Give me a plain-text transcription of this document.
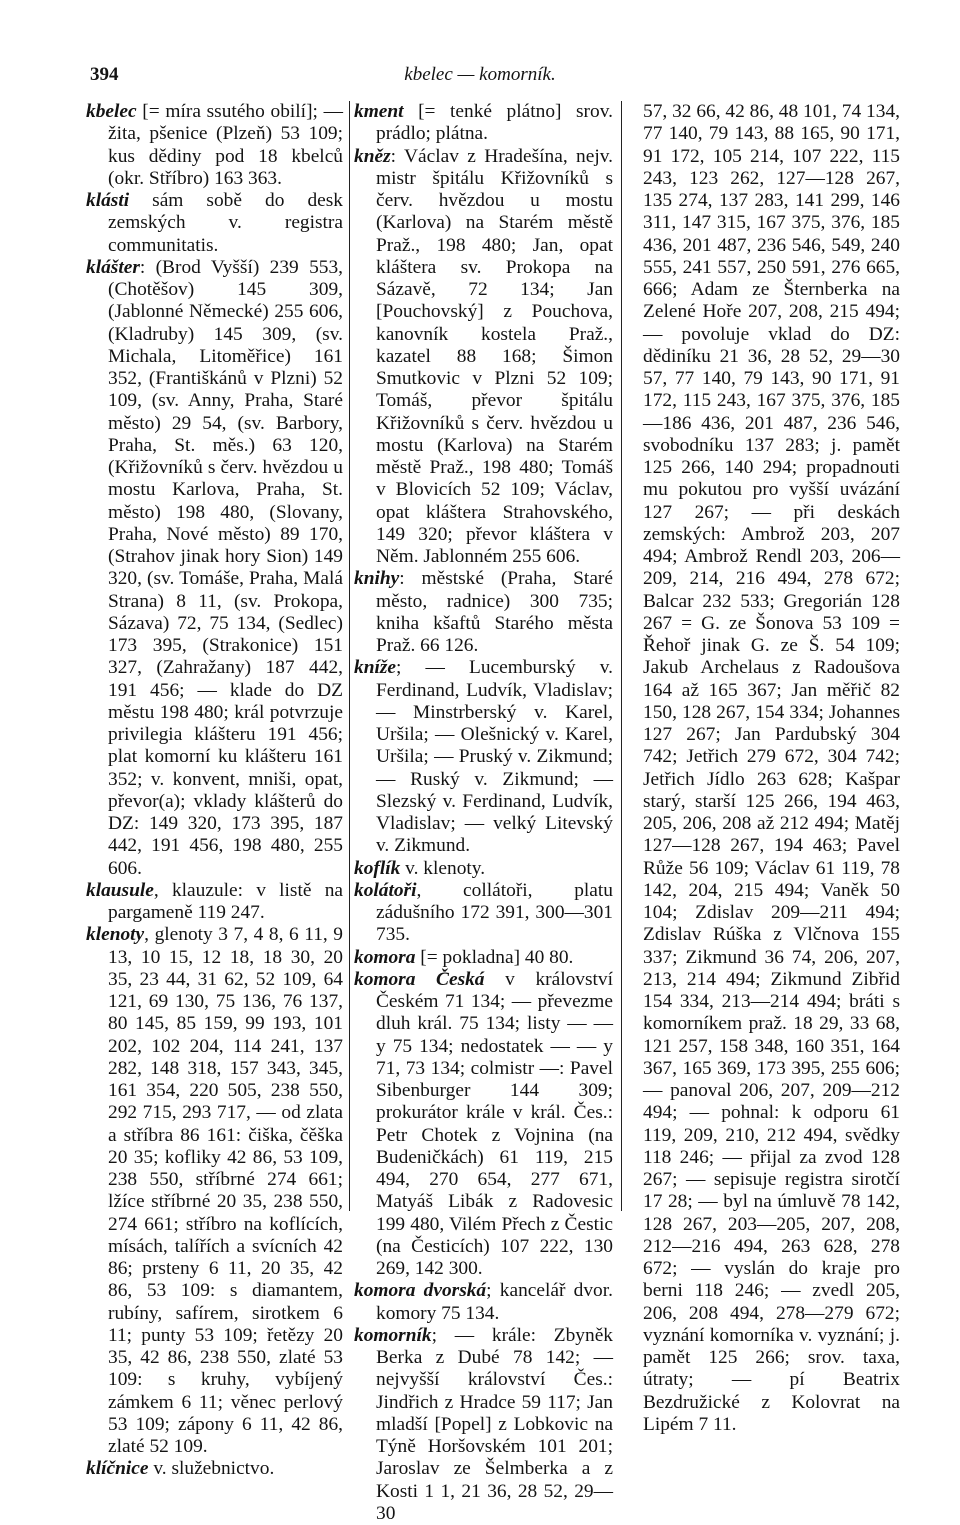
394	kbelec — komorník.

kbelec [= míra ssutého obilí]; — žita, pšenice (Plzeň) 53 109; kus dědiny pod 18 kbelců (okr. Stříbro) 163 363.

klásti sám sobě do desk zemských v. registra communitatis.

klášter: (Brod Vyšší) 239 553, (Chotěšov) 145 309, (Jablonné Německé) 255 606, (Kladruby) 145 309, (sv. Michala, Litoměřice) 161 352, (Františkánů v Plzni) 52 109, (sv. Anny, Praha, Staré město) 29 54, (sv. Barbory, Praha, St. měs.) 63 120, (Křižovníků s červ. hvězdou u mostu Karlova, Praha, St. město) 198 480, (Slovany, Praha, Nové město) 89 170, (Strahov jinak hory Sion) 149 320, (sv. Tomáše, Praha, Malá Strana) 8 11, (sv. Prokopa, Sázava) 72, 75 134, (Sedlec) 173 395, (Strakonice) 151 327, (Zahražany) 187 442, 191 456; — klade do DZ městu 198 480; král potvrzuje privilegia klášteru 191 456; plat komorní ku klášteru 161 352; v. konvent, mniši, opat, převor(a); vklady klášterů do DZ: 149 320, 173 395, 187 442, 191 456, 198 480, 255 606.

klausule, klauzule: v listě na pargameně 119 247.

klenoty, glenoty 3 7, 4 8, 6 11, 9 13, 10 15, 12 18, 18 30, 20 35, 23 44, 31 62, 52 109, 64 121, 69 130, 75 136, 76 137, 80 145, 85 159, 99 193, 101 202, 102 204, 114 241, 137 282, 148 318, 157 343, 345, 161 354, 220 505, 238 550, 292 715, 293 717, — od zlata a stříbra 86 161: čiška, čěška 20 35; kofliky 42 86, 53 109, 238 550, stříbrné 274 661; lžíce stříbrné 20 35, 238 550, 274 661; stříbro na koflících, mísách, talířích a svícních 42 86; prsteny 6 11, 20 35, 42 86, 53 109: s diamantem, rubíny, safírem, sirotkem 6 11; punty 53 109; řetězy 20 35, 42 86, 238 550, zlaté 53 109: s kruhy, vybíjený zámkem 6 11; věnec perlový 53 109; zápony 6 11, 42 86, zlaté 52 109.

klíčnice v. služebnictvo.

kment [= tenké plátno] srov. prádlo; plátna.

kněz: Václav z Hradešína, nejv. mistr špitálu Křižovníků s červ. hvězdou u mostu (Karlova) na Starém městě Praž., 198 480; Jan, opat kláštera sv. Prokopa na Sázavě, 72 134; Jan [Pouchovský] z Pouchova, kanovník kostela Praž., kazatel 88 168; Šimon Smutkovic v Plzni 52 109; Tomáš, převor špitálu Křižovníků s červ. hvězdou u mostu (Karlova) na Starém městě Praž., 198 480; Tomáš v Blovicích 52 109; Václav, opat kláštera Strahovského, 149 320; převor kláštera v Něm. Jablonném 255 606.

knihy: městské (Praha, Staré město, radnice) 300 735; kniha kšaftů Starého města Praž. 66 126.

kníže; — Lucemburský v. Ferdinand, Ludvík, Vladislav; — Minstrberský v. Karel, Uršila; — Olešnický v. Karel, Uršila; — Pruský v. Zikmund; — Ruský v. Zikmund; — Slezský v. Ferdinand, Ludvík, Vladislav; — velký Litevský v. Zikmund.

koflík v. klenoty.

kolátoři, collátoři, platu zádušního 172 391, 300—301 735.

komora [= pokladna] 40 80.

komora Česká v království Českém 71 134; — převezme dluh král. 75 134; listy — — y 75 134; nedostatek — — y 71, 73 134; colmistr —: Pavel Sibenburger 144 309; prokurátor krále v král. Čes.: Petr Chotek z Vojnina (na Budeničkách) 61 119, 215 494, 270 654, 277 671, Matyáš Libák z Radovesic 199 480, Vilém Přech z Čestic (na Česticích) 107 222, 130 269, 142 300.

komora dvorská; kancelář dvor. komory 75 134.

komorník; — krále: Zbyněk Berka z Dubé 78 142; — nejvyšší království Čes.: Jindřich z Hradce 59 117; Jan mladší [Popel] z Lobkovic na Týně Horšovském 101 201; Jaroslav ze Šelmberka a z Kosti 1 1, 21 36, 28 52, 29—30

57, 32 66, 42 86, 48 101, 74 134, 77 140, 79 143, 88 165, 90 171, 91 172, 105 214, 107 222, 115 243, 123 262, 127—128 267, 135 274, 137 283, 141 299, 146 311, 147 315, 167 375, 376, 185 436, 201 487, 236 546, 549, 240 555, 241 557, 250 591, 276 665, 666; Adam ze Šternberka na Zelené Hoře 207, 208, 215 494; — povoluje vklad do DZ: dědiníku 21 36, 28 52, 29—30 57, 77 140, 79 143, 90 171, 91 172, 115 243, 167 375, 376, 185—186 436, 201 487, 236 546, svobodníku 137 283; j. pamět 125 266, 140 294; propadnouti mu pokutou pro vyšší uvázání 127 267; — při deskách zemských: Ambrož 203, 207 494; Ambrož Rendl 203, 206—209, 214, 216 494, 278 672; Balcar 232 533; Gregorián 128 267 = G. ze Šonova 53 109 = Řehoř jinak G. ze Š. 54 109; Jakub Archelaus z Radoušova 164 až 165 367; Jan měřič 82 150, 128 267, 154 334; Johannes 127 267; Jan Pardubský 304 742; Jetřich 279 672, 304 742; Jetřich Jídlo 263 628; Kašpar starý, starší 125 266, 194 463, 205, 206, 208 až 212 494; Matěj 127—128 267, 194 463; Pavel Růže 56 109; Václav 61 119, 78 142, 204, 215 494; Vaněk 50 104; Zdislav 209—211 494; Zdislav Rúška z Vlčnova 155 337; Zikmund 36 74, 206, 207, 213, 214 494; Zikmund Zibřid 154 334, 213—214 494; bráti s komorníkem praž. 18 29, 33 68, 121 257, 158 348, 160 351, 164 367, 165 369, 173 395, 255 606; — panoval 206, 207, 209—212 494; — pohnal: k odporu 61 119, 209, 210, 212 494, svědky 118 246; — přijal za zvod 128 267; — sepisuje registra sirotčí 17 28; — byl na úmluvě 78 142, 128 267, 203—205, 207, 208, 212—216 494, 263 628, 278 672; — vyslán do kraje pro berni 118 246; — zvedl 205, 206, 208 494, 278—279 672; vyznání komorníka v. vyznání; j. pamět 125 266; srov. taxa, útraty; — pí Beatrix Bezdružické z Kolovrat na Lipém 7 11.
